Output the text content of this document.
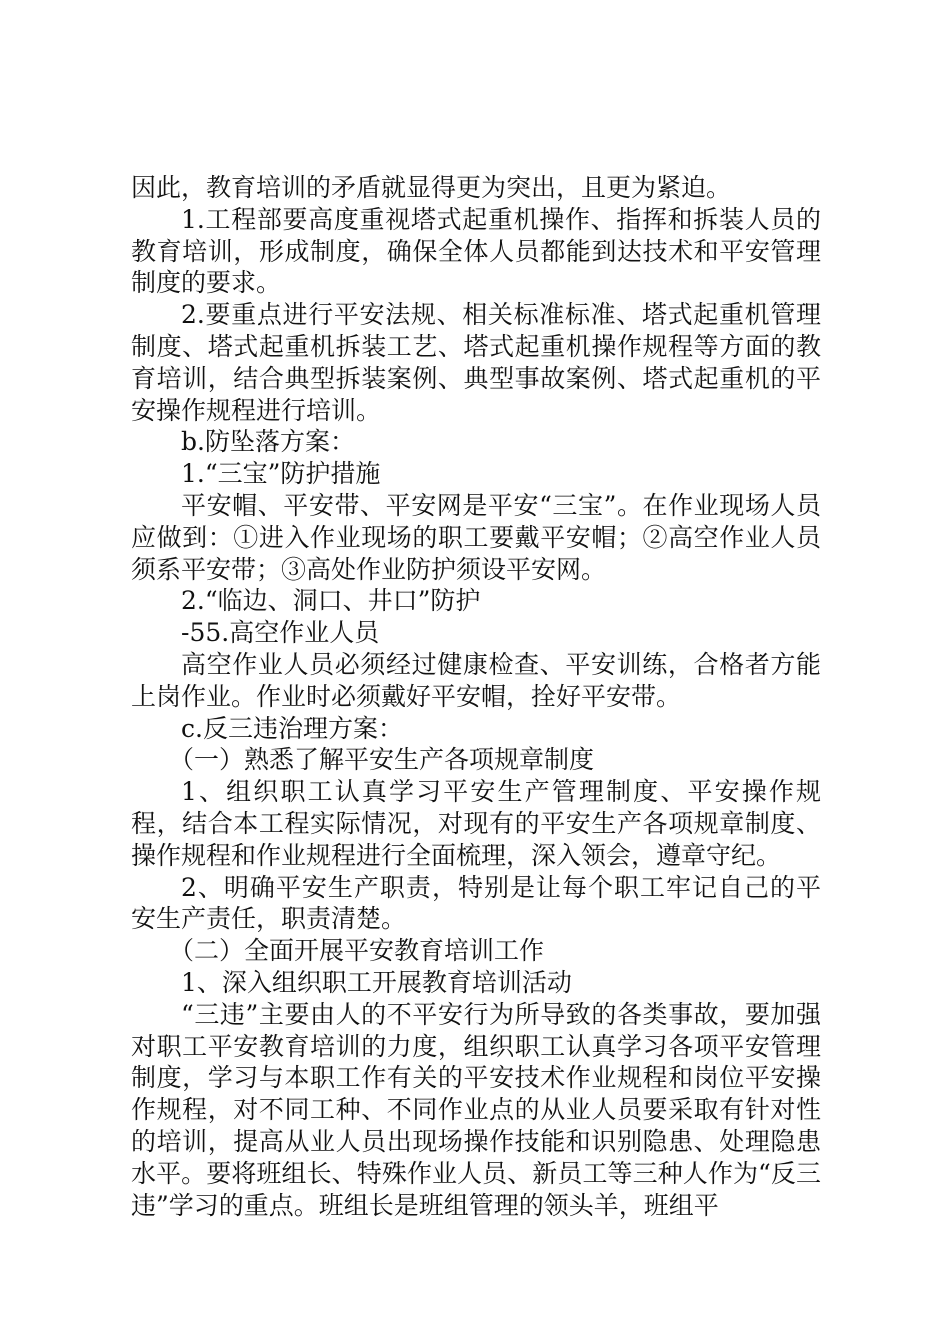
因此，教育培训的矛盾就显得更为突出，且更为紧迫。

1.工程部要高度重视塔式起重机操作、指挥和拆装人员的教育培训，形成制度，确保全体人员都能到达技术和平安管理制度的要求。

2.要重点进行平安法规、相关标准标准、塔式起重机管理制度、塔式起重机拆装工艺、塔式起重机操作规程等方面的教育培训，结合典型拆装案例、典型事故案例、塔式起重机的平安操作规程进行培训。

b.防坠落方案：

1.“三宝”防护措施

平安帽、平安带、平安网是平安“三宝”。在作业现场人员应做到：①进入作业现场的职工要戴平安帽；②高空作业人员须系平安带；③高处作业防护须设平安网。

2.“临边、洞口、井口”防护

-55.高空作业人员

高空作业人员必须经过健康检查、平安训练，合格者方能上岗作业。作业时必须戴好平安帽，拴好平安带。

c.反三违治理方案：

（一）熟悉了解平安生产各项规章制度

1、组织职工认真学习平安生产管理制度、平安操作规程，结合本工程实际情况，对现有的平安生产各项规章制度、操作规程和作业规程进行全面梳理，深入领会，遵章守纪。

2、明确平安生产职责，特别是让每个职工牢记自己的平安生产责任，职责清楚。

（二）全面开展平安教育培训工作

1、深入组织职工开展教育培训活动

“三违”主要由人的不平安行为所导致的各类事故，要加强对职工平安教育培训的力度，组织职工认真学习各项平安管理制度，学习与本职工作有关的平安技术作业规程和岗位平安操作规程，对不同工种、不同作业点的从业人员要采取有针对性的培训，提高从业人员出现场操作技能和识别隐患、处理隐患水平。要将班组长、特殊作业人员、新员工等三种人作为“反三违”学习的重点。班组长是班组管理的领头羊，班组平
